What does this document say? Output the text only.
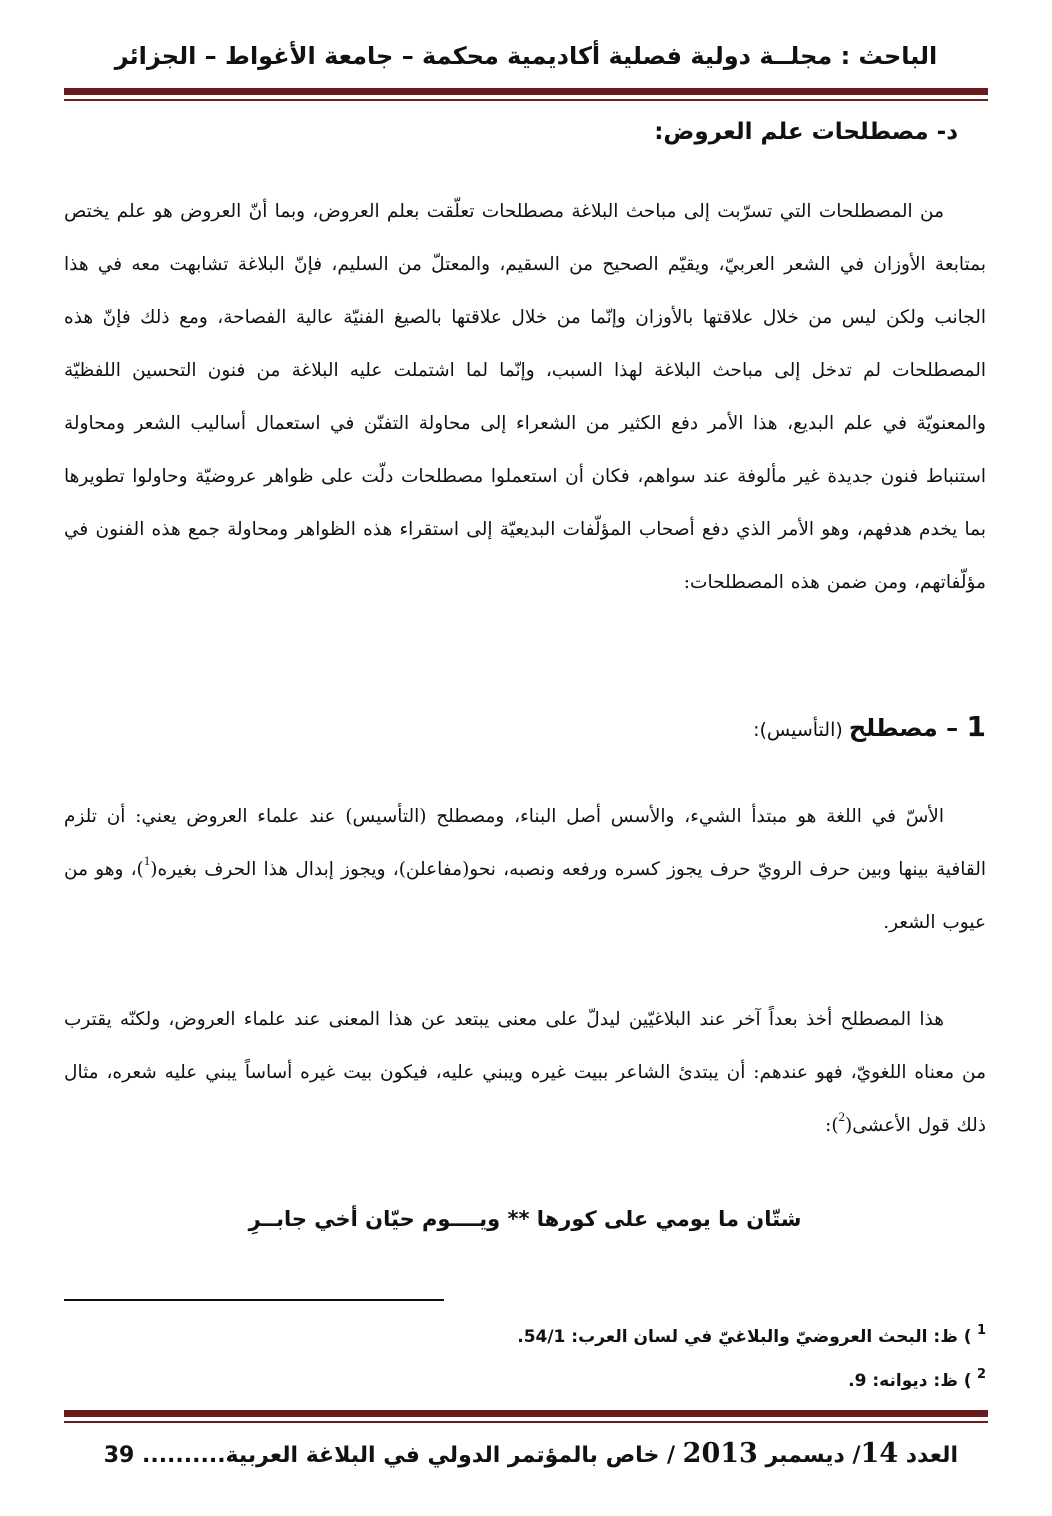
الباحث : مجلــة دولية فصلية أكاديمية محكمة – جامعة الأغواط – الجزائر
د- مصطلحات علم العروض:
من المصطلحات التي تسرّبت إلى مباحث البلاغة مصطلحات تعلّقت بعلم العروض، وبما أنّ العروض هو علم يختص بمتابعة الأوزان في الشعر العربيّ، ويقيّم الصحيح من السقيم، والمعتلّ من السليم، فإنّ البلاغة تشابهت معه في هذا الجانب ولكن ليس من خلال علاقتها بالأوزان وإنّما من خلال علاقتها بالصيغ الفنيّة عالية الفصاحة، ومع ذلك فإنّ هذه المصطلحات لم تدخل إلى مباحث البلاغة لهذا السبب، وإنّما لما اشتملت عليه البلاغة من فنون التحسين اللفظيّة والمعنويّة في علم البديع، هذا الأمر دفع الكثير من الشعراء إلى محاولة التفنّن في استعمال أساليب الشعر ومحاولة استنباط فنون جديدة غير مألوفة عند سواهم، فكان أن استعملوا مصطلحات دلّت على ظواهر عروضيّة وحاولوا تطويرها بما يخدم هدفهم، وهو الأمر الذي دفع أصحاب المؤلّفات البديعيّة إلى استقراء هذه الظواهر ومحاولة جمع هذه الفنون في مؤلّفاتهم، ومن ضمن هذه المصطلحات:
1 – مصطلح (التأسيس):
الأسّ في اللغة هو مبتدأ الشيء، والأسس أصل البناء، ومصطلح (التأسيس) عند علماء العروض يعني: أن تلزم القافية بينها وبين حرف الرويّ حرف يجوز كسره ورفعه ونصبه، نحو(مفاعلن)، ويجوز إبدال هذا الحرف بغيره($^1$)، وهو من عيوب الشعر.
هذا المصطلح أخذ بعداً آخر عند البلاغيّين ليدلّ على معنى يبتعد عن هذا المعنى عند علماء العروض، ولكنّه يقترب من معناه اللغويّ، فهو عندهم: أن يبتدئ الشاعر ببيت غيره ويبني عليه، فيكون بيت غيره أساساً يبني عليه شعره، مثال ذلك قول الأعشى($^2$):
شتّان ما يومي على كورها ** ويــــوم حيّان أخي جابــرِ
$^1$ ) ظ: البحث العروضيّ والبلاغيّ في لسان العرب: 54/1.
$^2$ ) ظ: ديوانه: 9.
العدد 14/ ديسمبر 2013 / خاص بالمؤتمر الدولي في البلاغة العربية.......... 39
